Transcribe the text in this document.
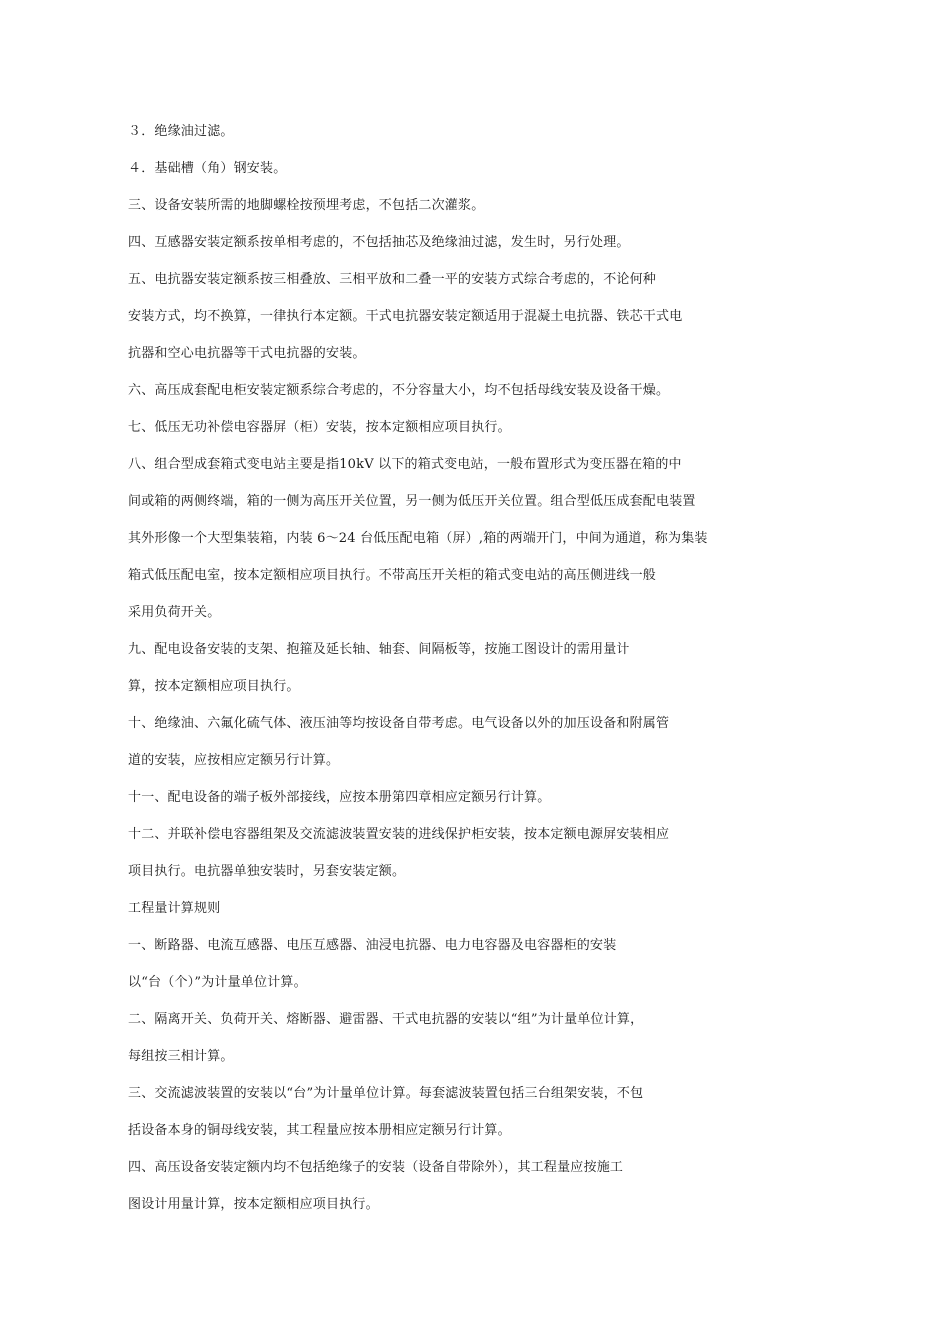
３．绝缘油过滤。
４．基础槽（角）钢安装。
三、设备安装所需的地脚螺栓按预埋考虑，不包括二次灌浆。
四、互感器安装定额系按单相考虑的，不包括抽芯及绝缘油过滤，发生时，另行处理。
五、电抗器安装定额系按三相叠放、三相平放和二叠一平的安装方式综合考虑的，不论何种
安装方式，均不换算，一律执行本定额。干式电抗器安装定额适用于混凝土电抗器、铁芯干式电
抗器和空心电抗器等干式电抗器的安装。
六、高压成套配电柜安装定额系综合考虑的，不分容量大小，均不包括母线安装及设备干燥。
七、低压无功补偿电容器屏（柜）安装，按本定额相应项目执行。
八、组合型成套箱式变电站主要是指10kV 以下的箱式变电站，一般布置形式为变压器在箱的中
间或箱的两侧终端，箱的一侧为高压开关位置，另一侧为低压开关位置。组合型低压成套配电装置
其外形像一个大型集装箱，内装 6～24 台低压配电箱（屏）,箱的两端开门，中间为通道，称为集装
箱式低压配电室，按本定额相应项目执行。不带高压开关柜的箱式变电站的高压侧进线一般
采用负荷开关。
九、配电设备安装的支架、抱箍及延长轴、轴套、间隔板等，按施工图设计的需用量计
算，按本定额相应项目执行。
十、绝缘油、六氟化硫气体、液压油等均按设备自带考虑。电气设备以外的加压设备和附属管
道的安装，应按相应定额另行计算。
十一、配电设备的端子板外部接线，应按本册第四章相应定额另行计算。
十二、并联补偿电容器组架及交流滤波装置安装的进线保护柜安装，按本定额电源屏安装相应
项目执行。电抗器单独安装时，另套安装定额。
工程量计算规则
一、断路器、电流互感器、电压互感器、油浸电抗器、电力电容器及电容器柜的安装
以“台（个）”为计量单位计算。
二、隔离开关、负荷开关、熔断器、避雷器、干式电抗器的安装以“组”为计量单位计算，
每组按三相计算。
三、交流滤波装置的安装以“台”为计量单位计算。每套滤波装置包括三台组架安装，不包
括设备本身的铜母线安装，其工程量应按本册相应定额另行计算。
四、高压设备安装定额内均不包括绝缘子的安装（设备自带除外），其工程量应按施工
图设计用量计算，按本定额相应项目执行。
